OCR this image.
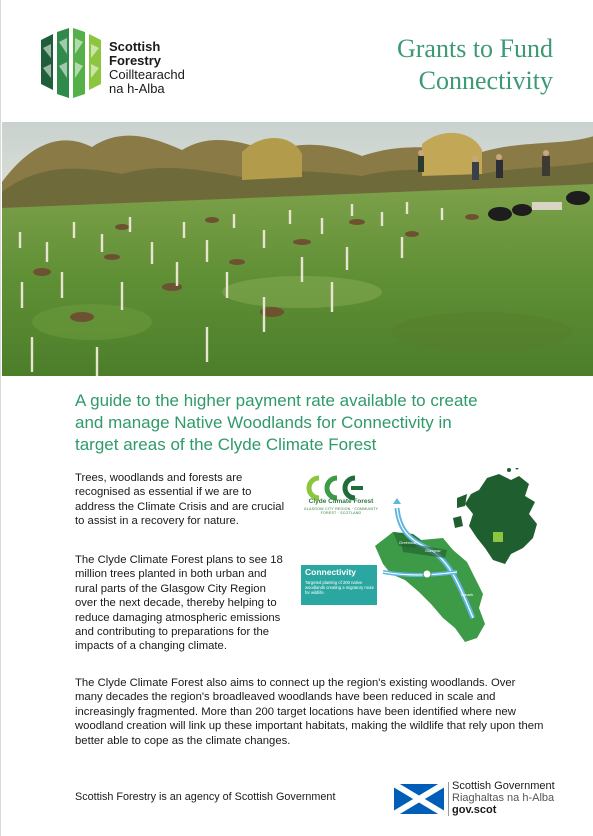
Scottish
Forestry
Coilltearachd
na h-Alba
Grants to Fund
Connectivity
A guide to the higher payment rate available to create
and manage Native Woodlands for Connectivity in
target areas of the Clyde Climate Forest

Trees, woodlands and forests are recognised as essential if we are to address the Climate Crisis and are crucial to assist in a recovery for nature.

The Clyde Climate Forest plans to see 18 million trees planted in both urban and rural parts of the Glasgow City Region over the next decade, thereby helping to reduce damaging atmospheric emissions and contributing to preparations for the impacts of a changing climate.

Clyde Climate Forest
GLASGOW CITY REGION · COMMUNITY FOREST · SCOTLAND
Greenock
Glasgow
Lanark
Connectivity
Targeted planting of 200 native woodlands creating a migratory route for wildlife.

The Clyde Climate Forest also aims to connect up the region's existing woodlands. Over many decades the region's broadleaved woodlands have been reduced in scale and increasingly fragmented. More than 200 target locations have been identified where new woodland creation will link up these important habitats, making the wildlife that rely upon them better able to cope as the climate changes.

Scottish Forestry is an agency of Scottish Government
Scottish Government
Riaghaltas na h-Alba
gov.scot
